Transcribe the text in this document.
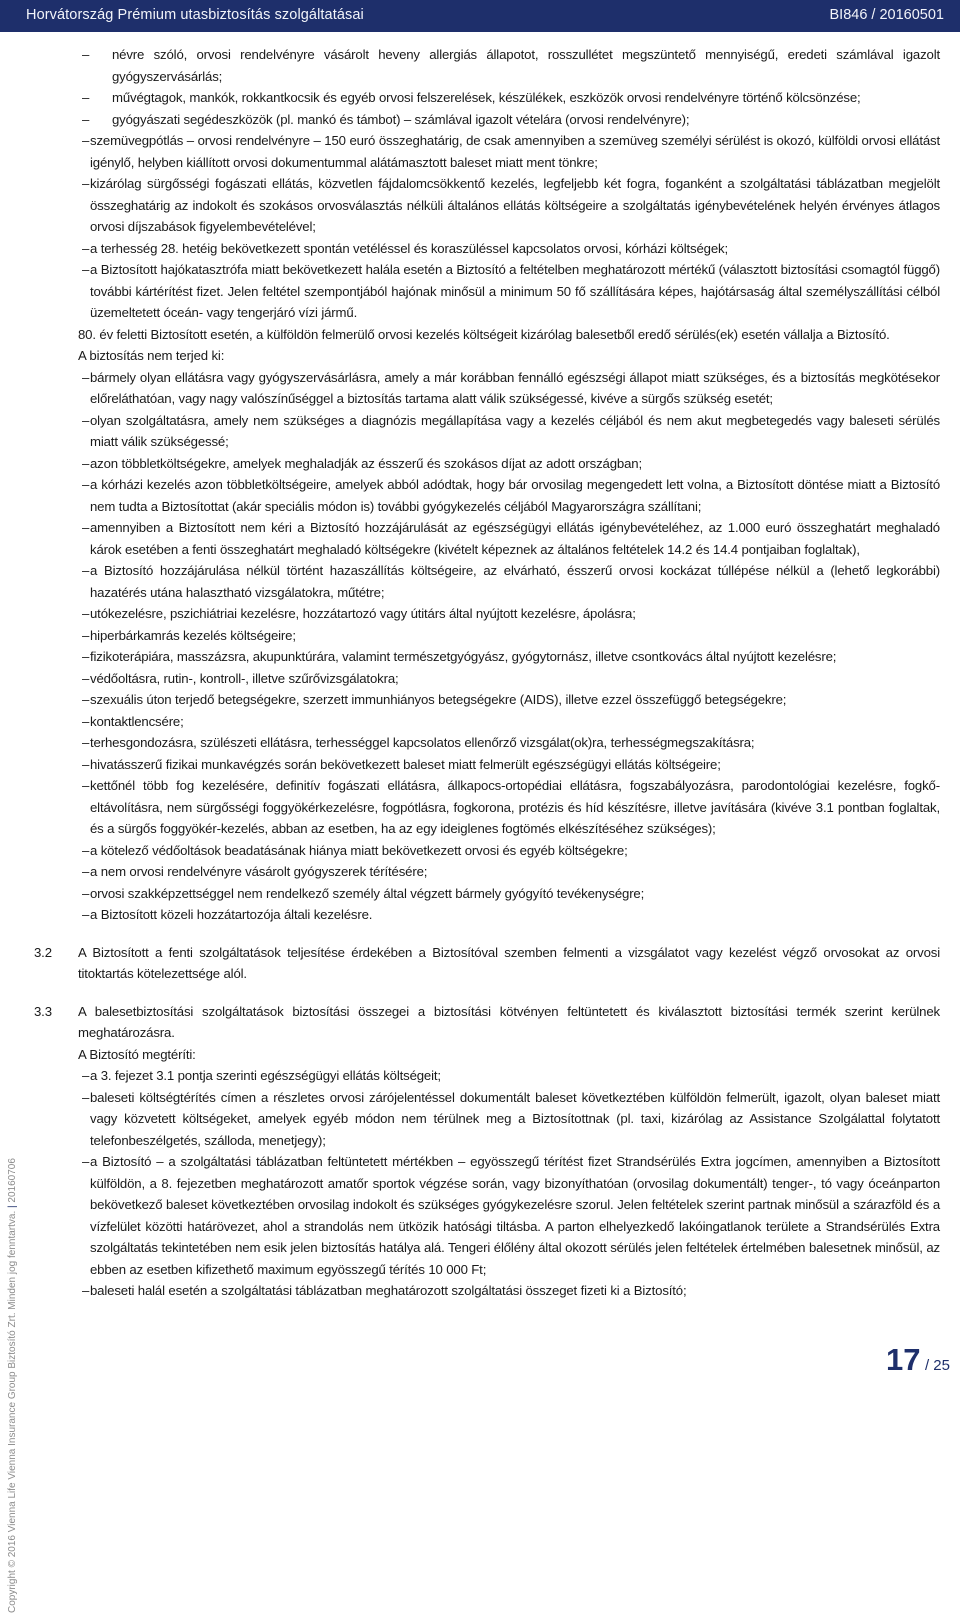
Horvátország Prémium utasbiztosítás szolgáltatásai	BI846 / 20160501
Copyright © 2016 Vienna Life Vienna Insurance Group Biztosító Zrt. Minden jog fenntartva. | 20160706
– névre szóló, orvosi rendelvényre vásárolt heveny allergiás állapotot, rosszullétet megszüntető mennyiségű, eredeti számlával igazolt gyógyszervásárlás;
– művégtagok, mankók, rokkantkocsik és egyéb orvosi felszerelések, készülékek, eszközök orvosi rendelvényre történő kölcsönzése;
– gyógyászati segédeszközök (pl. mankó és támbot) – számlával igazolt vételára (orvosi rendelvényre);
– szemüvegpótlás – orvosi rendelvényre – 150 euró összeghatárig, de csak amennyiben a szemüveg személyi sérülést is okozó, külföldi orvosi ellátást igénylő, helyben kiállított orvosi dokumentummal alátámasztott baleset miatt ment tönkre;
– kizárólag sürgősségi fogászati ellátás, közvetlen fájdalomcsökkentő kezelés, legfeljebb két fogra, foganként a szolgáltatási táblázatban megjelölt összeghatárig az indokolt és szokásos orvosválasztás nélküli általános ellátás költségeire a szolgáltatás igénybevételének helyén érvényes átlagos orvosi díjszabások figyelembevételével;
– a terhesség 28. hetéig bekövetkezett spontán vetéléssel és koraszüléssel kapcsolatos orvosi, kórházi költségek;
– a Biztosított hajókatasztrófa miatt bekövetkezett halála esetén a Biztosító a feltételben meghatározott mértékű (választott biztosítási csomagtól függő) további kártérítést fizet. Jelen feltétel szempontjából hajónak minősül a minimum 50 fő szállítására képes, hajótársaság által személyszállítási célból üzemeltetett óceán- vagy tengerjáró vízi jármű.
80. év feletti Biztosított esetén, a külföldön felmerülő orvosi kezelés költségeit kizárólag balesetből eredő sérülés(ek) esetén vállalja a Biztosító.
A biztosítás nem terjed ki:
– bármely olyan ellátásra vagy gyógyszervásárlásra, amely a már korábban fennálló egészségi állapot miatt szükséges, és a biztosítás megkötésekor előreláthatóan, vagy nagy valószínűséggel a biztosítás tartama alatt válik szükségessé, kivéve a sürgős szükség esetét;
– olyan szolgáltatásra, amely nem szükséges a diagnózis megállapítása vagy a kezelés céljából és nem akut megbetegedés vagy baleseti sérülés miatt válik szükségessé;
– azon többletköltségekre, amelyek meghaladják az ésszerű és szokásos díjat az adott országban;
– a kórházi kezelés azon többletköltségeire, amelyek abból adódtak, hogy bár orvosilag megengedett lett volna, a Biztosított döntése miatt a Biztosító nem tudta a Biztosítottat (akár speciális módon is) további gyógykezelés céljából Magyarországra szállítani;
– amennyiben a Biztosított nem kéri a Biztosító hozzájárulását az egészségügyi ellátás igénybevételéhez, az 1.000 euró összeghatárt meghaladó károk esetében a fenti összeghatárt meghaladó költségekre (kivételt képeznek az általános feltételek 14.2 és 14.4 pontjaiban foglaltak),
– a Biztosító hozzájárulása nélkül történt hazaszállítás költségeire, az elvárható, ésszerű orvosi kockázat túllépése nélkül a (lehető legkorábbi) hazatérés utána halasztható vizsgálatokra, műtétre;
– utókezelésre, pszichiátriai kezelésre, hozzátartozó vagy útitárs által nyújtott kezelésre, ápolásra;
– hiperbárkamrás kezelés költségeire;
– fizikoterápiára, masszázsra, akupunktúrára, valamint természetgyógyász, gyógytornász, illetve csontkovács által nyújtott kezelésre;
– védőoltásra, rutin-, kontroll-, illetve szűrővizsgálatokra;
– szexuális úton terjedő betegségekre, szerzett immunhiányos betegségekre (AIDS), illetve ezzel összefüggő betegségekre;
– kontaktlencsére;
– terhesgondozásra, szülészeti ellátásra, terhességgel kapcsolatos ellenőrző vizsgálat(ok)ra, terhességmegszakításra;
– hivatásszerű fizikai munkavégzés során bekövetkezett baleset miatt felmerült egészségügyi ellátás költségeire;
– kettőnél több fog kezelésére, definitív fogászati ellátásra, állkapocs-ortopédiai ellátásra, fogszabályozásra, parodontológiai kezelésre, fogkő-eltávolításra, nem sürgősségi foggyökérkezelésre, fogpótlásra, fogkorona, protézis és híd készítésre, illetve javítására (kivéve 3.1 pontban foglaltak, és a sürgős foggyökér-kezelés, abban az esetben, ha az egy ideiglenes fogtömés elkészítéséhez szükséges);
– a kötelező védőoltások beadatásának hiánya miatt bekövetkezett orvosi és egyéb költségekre;
– a nem orvosi rendelvényre vásárolt gyógyszerek térítésére;
– orvosi szakképzettséggel nem rendelkező személy által végzett bármely gyógyító tevékenységre;
– a Biztosított közeli hozzátartozója általi kezelésre.
3.2 A Biztosított a fenti szolgáltatások teljesítése érdekében a Biztosítóval szemben felmenti a vizsgálatot vagy kezelést végző orvosokat az orvosi titoktartás kötelezettsége alól.
3.3 A balesetbiztosítási szolgáltatások biztosítási összegei a biztosítási kötvényen feltüntetett és kiválasztott biztosítási termék szerint kerülnek meghatározásra.
A Biztosító megtéríti:
– a 3. fejezet 3.1 pontja szerinti egészségügyi ellátás költségeit;
– baleseti költségtérítés címen a részletes orvosi zárójelentéssel dokumentált baleset következtében külföldön felmerült, igazolt, olyan baleset miatt vagy közvetett költségeket, amelyek egyéb módon nem térülnek meg a Biztosítottnak (pl. taxi, kizárólag az Assistance Szolgálattal folytatott telefonbeszélgetés, szálloda, menetjegy);
– a Biztosító – a szolgáltatási táblázatban feltüntetett mértékben – egyösszegű térítést fizet Strandsérülés Extra jogcímen, amennyiben a Biztosított külföldön, a 8. fejezetben meghatározott amatőr sportok végzése során, vagy bizonyíthatóan (orvosilag dokumentált) tenger-, tó vagy óceánparton bekövetkező baleset következtében orvosilag indokolt és szükséges gyógykezelésre szorul. Jelen feltételek szerint partnak minősül a szárazföld és a vízfelület közötti határövezet, ahol a strandolás nem ütközik hatósági tiltásba. A parton elhelyezkedő lakóingatlanok területe a Strandsérülés Extra szolgáltatás tekintetében nem esik jelen biztosítás hatálya alá. Tengeri élőlény által okozott sérülés jelen feltételek értelmében balesetnek minősül, az ebben az esetben kifizethető maximum egyösszegű térítés 10 000 Ft;
– baleseti halál esetén a szolgáltatási táblázatban meghatározott szolgáltatási összeget fizeti ki a Biztosító;
17 / 25
